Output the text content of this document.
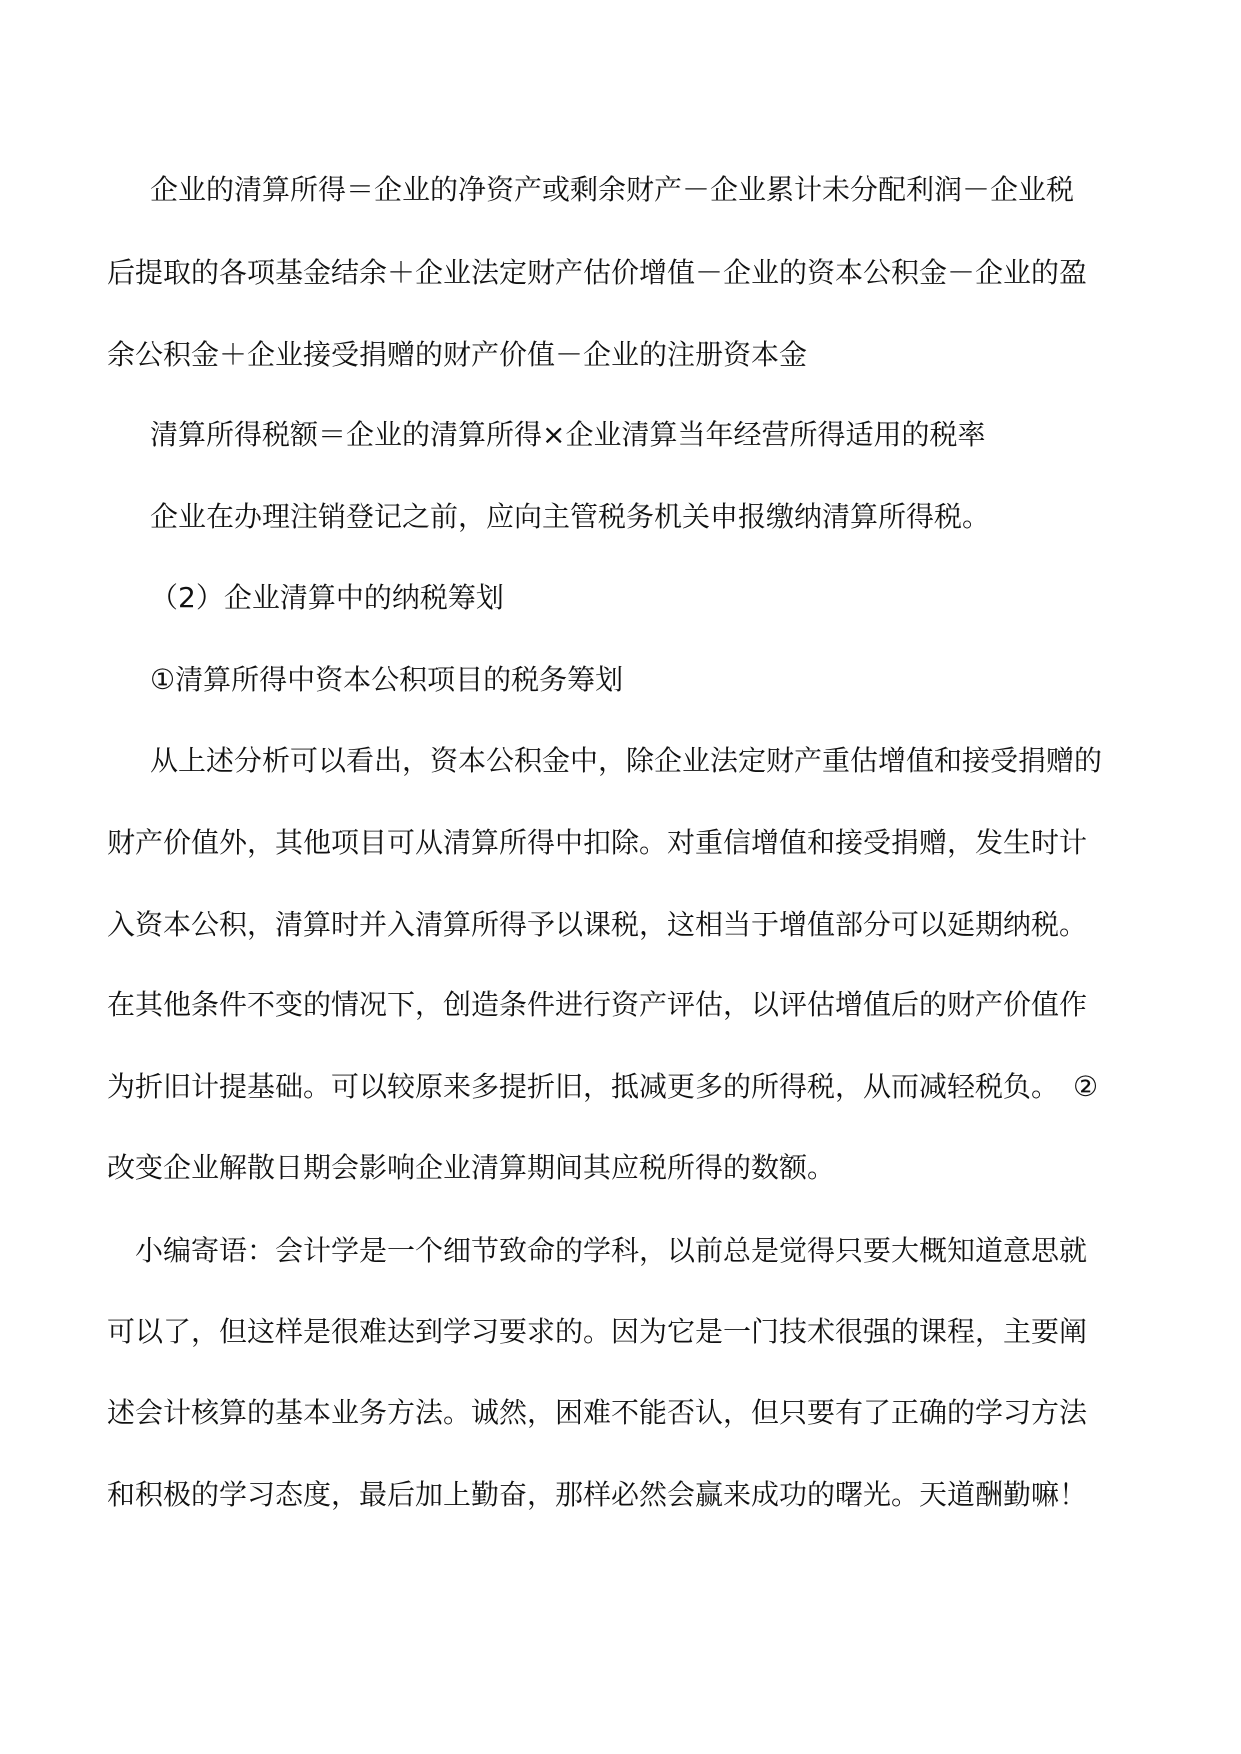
企业的清算所得＝企业的净资产或剩余财产－企业累计未分配利润－企业税
后提取的各项基金结余＋企业法定财产估价增值－企业的资本公积金－企业的盈
余公积金＋企业接受捐赠的财产价值－企业的注册资本金
清算所得税额＝企业的清算所得×企业清算当年经营所得适用的税率
企业在办理注销登记之前，应向主管税务机关申报缴纳清算所得税。
（2）企业清算中的纳税筹划
①清算所得中资本公积项目的税务筹划
从上述分析可以看出，资本公积金中，除企业法定财产重估增值和接受捐赠的
财产价值外，其他项目可从清算所得中扣除。对重信增值和接受捐赠，发生时计
入资本公积，清算时并入清算所得予以课税，这相当于增值部分可以延期纳税。
在其他条件不变的情况下，创造条件进行资产评估，以评估增值后的财产价值作
为折旧计提基础。可以较原来多提折旧，抵减更多的所得税，从而减轻税负。　②
改变企业解散日期会影响企业清算期间其应税所得的数额。
小编寄语：会计学是一个细节致命的学科，以前总是觉得只要大概知道意思就
可以了，但这样是很难达到学习要求的。因为它是一门技术很强的课程，主要阐
述会计核算的基本业务方法。诚然，困难不能否认，但只要有了正确的学习方法
和积极的学习态度，最后加上勤奋，那样必然会赢来成功的曙光。天道酬勤嘛！
